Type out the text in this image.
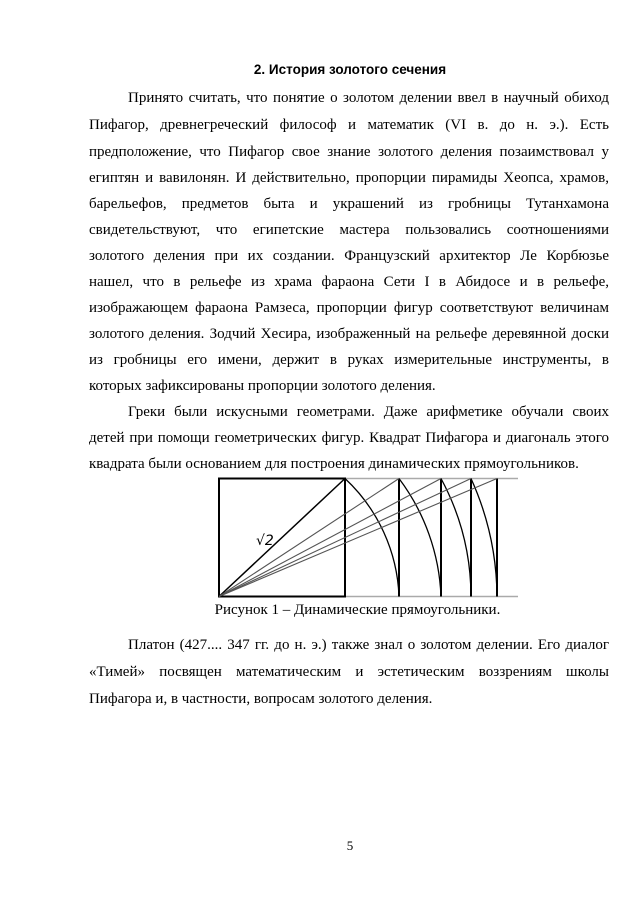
2. История золотого сечения
Принято считать, что понятие о золотом делении ввел в научный обиход
Пифагор, древнегреческий философ и математик (VI в. до н. э.). Есть
предположение, что Пифагор свое знание золотого деления позаимствовал у
египтян и вавилонян. И действительно, пропорции пирамиды Хеопса, храмов,
барельефов, предметов быта и украшений из гробницы Тутанхамона
свидетельствуют, что египетские мастера пользовались соотношениями
золотого деления при их создании. Французский архитектор Ле Корбюзье
нашел, что в рельефе из храма фараона Сети I в Абидосе и в рельефе,
изображающем фараона Рамзеса, пропорции фигур соответствуют величинам
золотого деления. Зодчий Хесира, изображенный на рельефе деревянной доски
из гробницы его имени, держит в руках измерительные инструменты, в
которых зафиксированы пропорции золотого деления.
Греки были искусными геометрами. Даже арифметике обучали своих
детей при помощи геометрических фигур. Квадрат Пифагора и диагональ этого
квадрата были основанием для построения динамических прямоугольников.
√2
Рисунок 1 – Динамические прямоугольники.
Платон (427.... 347 гг. до н. э.) также знал о золотом делении. Его диалог
«Тимей» посвящен математическим и эстетическим воззрениям школы
Пифагора и, в частности, вопросам золотого деления.
5
